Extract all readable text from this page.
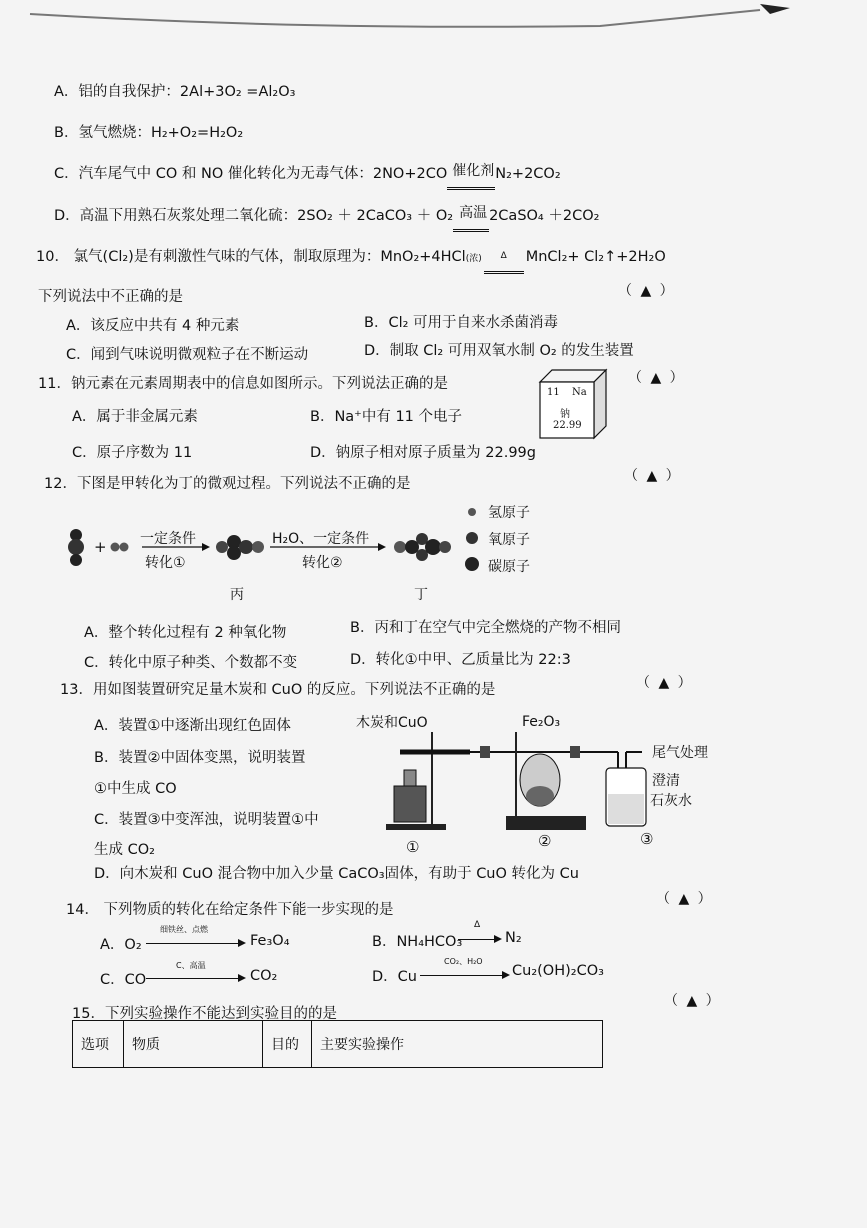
A．铝的自我保护：2Al+3O₂ =Al₂O₃
B．氢气燃烧：H₂+O₂=H₂O₂
C．汽车尾气中 CO 和 NO 催化转化为无毒气体：2NO+2CO 催化剂 N₂+2CO₂
D．高温下用熟石灰浆处理二氧化硫：2SO₂ ＋ 2CaCO₃ ＋ O₂ 高温 2CaSO₄ ＋2CO₂
10． 氯气(Cl₂)是有刺激性气味的气体，制取原理为：MnO₂+4HCl(浓)	Δ	MnCl₂+ Cl₂↑+2H₂O
下列说法中不正确的是	（ ▲ ）
A．该反应中共有 4 种元素	B．Cl₂ 可用于自来水杀菌消毒
C．闻到气味说明微观粒子在不断运动	D．制取 Cl₂ 可用双氧水制 O₂ 的发生装置
11．钠元素在元素周期表中的信息如图所示。下列说法正确的是	（ ▲ ）
A．属于非金属元素	B．Na⁺中有 11 个电子
C．原子序数为 11	D．钠原子相对原子质量为 22.99g
11 Na
钠
22.99
12．下图是甲转化为丁的微观过程。下列说法不正确的是	（ ▲ ）
+ 一定条件
转化①
H₂O、一定条件
转化②
丙	丁
氢原子
氧原子
碳原子
A．整个转化过程有 2 种氧化物	B．丙和丁在空气中完全燃烧的产物不相同
C．转化中原子种类、个数都不变	D．转化①中甲、乙质量比为 22:3
13．用如图装置研究足量木炭和 CuO 的反应。下列说法不正确的是	（ ▲ ）
A．装置①中逐渐出现红色固体
B．装置②中固体变黑，说明装置
①中生成 CO
C．装置③中变浑浊，说明装置①中
生成 CO₂
D．向木炭和 CuO 混合物中加入少量 CaCO₃固体，有助于 CuO 转化为 Cu
木炭和CuO	Fe₂O₃
尾气处理
澄清
石灰水
①	②	③
14． 下列物质的转化在给定条件下能一步实现的是
（ ▲ ）
A．O₂
细铁丝、点燃
Fe₃O₄	B．NH₄HCO₃
Δ
N₂
C．CO
C、高温
CO₂	D．Cu
CO₂、H₂O
Cu₂(OH)₂CO₃
15．下列实验操作不能达到实验目的的是
（ ▲ ）
选项	物质	目的	主要实验操作
